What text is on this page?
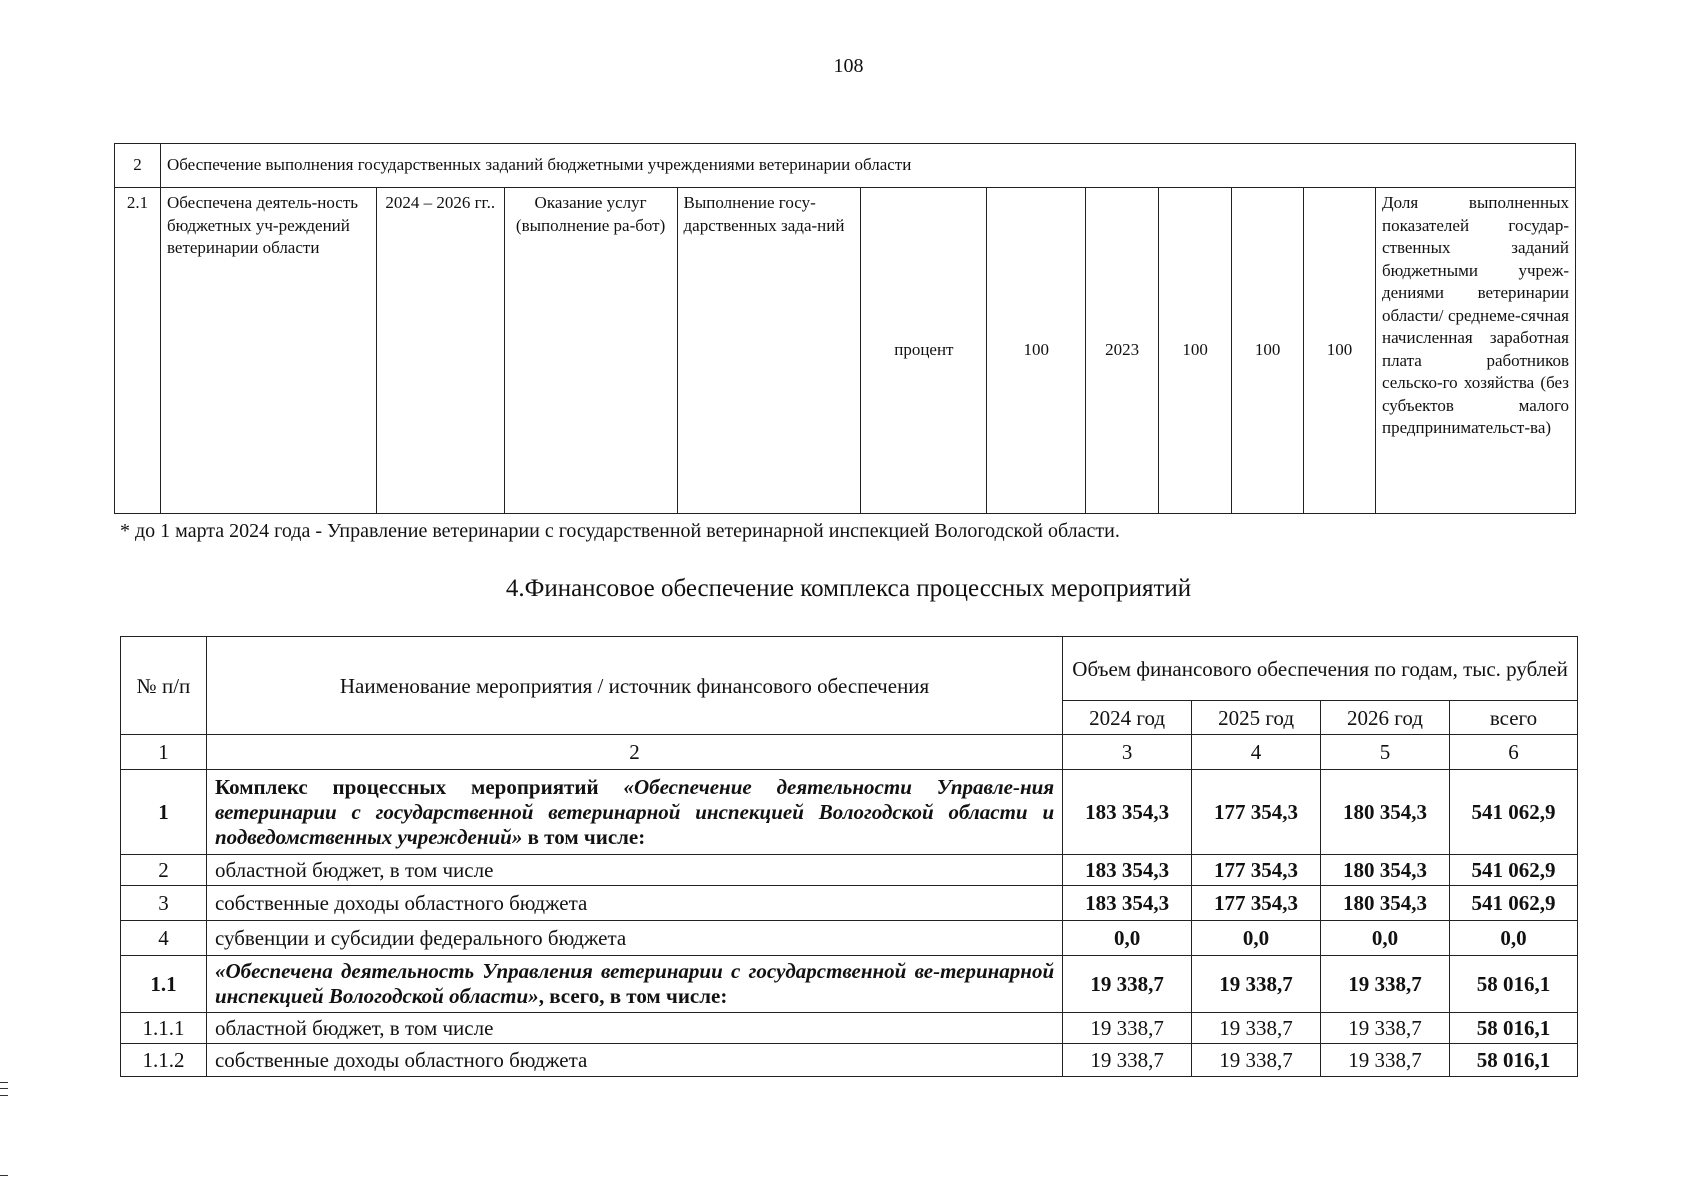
108
2	Обеспечение выполнения государственных заданий бюджетными учреждениями ветеринарии области										
2.1	Обеспечена деятель-ность бюджетных уч-реждений ветеринарии области	2024 – 2026 гг..	Оказание услуг (выполнение ра-бот)	Выполнение госу-дарственных зада-ний	процент	100	2023	100	100	100	Доля выполненных показателей государ-ственных заданий бюджетными учреж-дениями ветеринарии области/ среднеме-сячная начисленная заработная плата работников сельско-го хозяйства (без субъектов малого предпринимательст-ва)
* до 1 марта 2024 года - Управление ветеринарии с государственной ветеринарной инспекцией Вологодской области.
4.Финансовое обеспечение комплекса процессных мероприятий
№ п/п	Наименование мероприятия / источник финансового обеспечения	Объем финансового обеспечения по годам, тыс. рублей			
		2024 год	2025 год	2026 год	всего
1	2	3	4	5	6
1	Комплекс процессных мероприятий «Обеспечение деятельности Управле-ния ветеринарии с государственной ветеринарной инспекцией Вологодской области и подведомственных учреждений» в том числе:	183 354,3	177 354,3	180 354,3	541 062,9
2	областной бюджет, в том числе	183 354,3	177 354,3	180 354,3	541 062,9
3	собственные доходы областного бюджета	183 354,3	177 354,3	180 354,3	541 062,9
4	субвенции и субсидии федерального бюджета	0,0	0,0	0,0	0,0
1.1	«Обеспечена деятельность Управления ветеринарии с государственной ве-теринарной инспекцией Вологодской области», всего, в том числе:	19 338,7	19 338,7	19 338,7	58 016,1
1.1.1	областной бюджет, в том числе	19 338,7	19 338,7	19 338,7	58 016,1
1.1.2	собственные доходы областного бюджета	19 338,7	19 338,7	19 338,7	58 016,1
